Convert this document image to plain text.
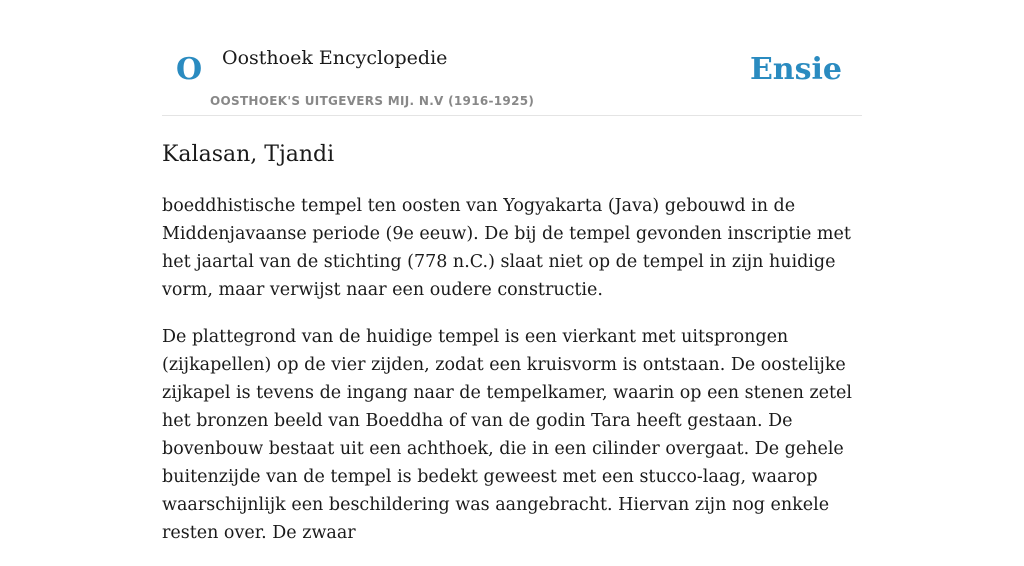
O Oosthoek Encyclopedie
OOSTHOEK'S UITGEVERS MIJ. N.V (1916-1925)
Ensie
Kalasan, Tjandi

boeddhistische tempel ten oosten van Yogyakarta (Java) gebouwd in de Middenjavaanse periode (9e eeuw). De bij de tempel gevonden inscriptie met het jaartal van de stichting (778 n.C.) slaat niet op de tempel in zijn huidige vorm, maar verwijst naar een oudere constructie.

De plattegrond van de huidige tempel is een vierkant met uitsprongen (zijkapellen) op de vier zijden, zodat een kruisvorm is ontstaan. De oostelijke zijkapel is tevens de ingang naar de tempelkamer, waarin op een stenen zetel het bronzen beeld van Boeddha of van de godin Tara heeft gestaan. De bovenbouw bestaat uit een achthoek, die in een cilinder overgaat. De gehele buitenzijde van de tempel is bedekt geweest met een stucco-laag, waarop waarschijnlijk een beschildering was aangebracht. Hiervan zijn nog enkele resten over. De zwaar
